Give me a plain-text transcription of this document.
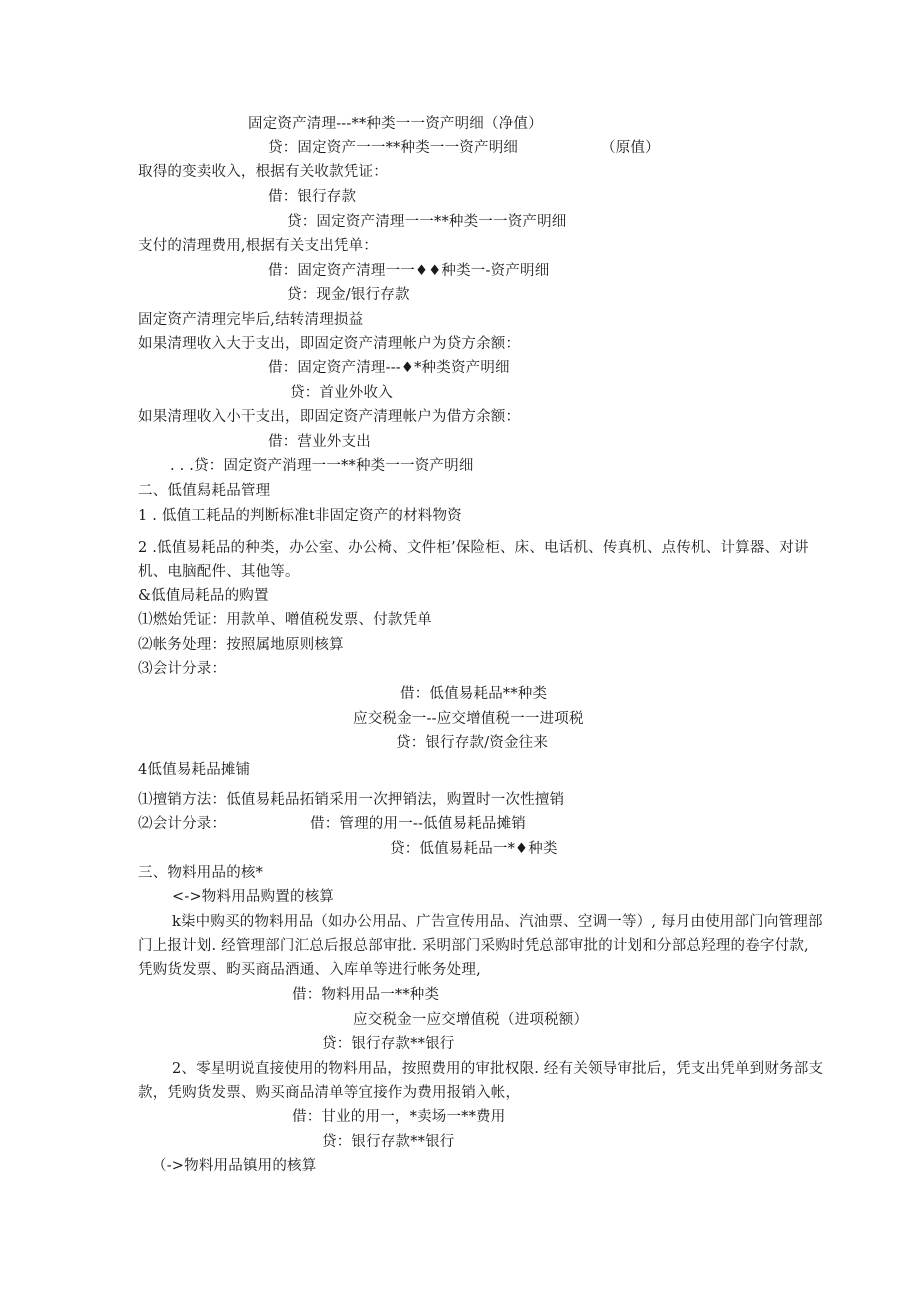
固定资产清理---**种类一一资产明细（净值）
贷：固定资产一一**种类一一资产明细	（原值）
取得的变卖收入，根据有关收款凭证：
借：银行存款
贷：固定资产清理一一**种类一一资产明细
支付的清理费用,根据有关支出凭单：
借：固定资产清理一一♦♦种类一-资产明细
贷：现金/银行存款
固定资产清理完毕后,结转清理损益
如果清理收入大于支出，即固定资产清理帐户为贷方余额：
借：固定资产清理---♦*种类资产明细
贷：首业外收入
如果清理收入小干支出，即固定资产清理帐户为借方余额：
借：营业外支出
. . .贷：固定资产消理一一**种类一一资产明细
二、低值舄耗品管理
1 . 低值工耗品的判断标准t非固定资产的材料物资
2 .低值易耗品的种类，办公室、办公椅、文件柜’保险柜、床、电话机、传真机、点传机、计算器、对讲机、电脑配件、其他等。
&低值局耗品的购置
⑴燃始凭证：用款单、噌值税发票、付款凭单
⑵帐务处理：按照属地原则核算
⑶会计分录：
借：低值易耗品**种类
应交税金一--应交增值税一一进项税
贷：银行存款/资金往来
4低值易耗品摊铺
⑴擅销方法：低值易耗品拓销采用一次押销法，购置时一次性擅销
⑵会计分录：	借：管理的用一--低值易耗品摊销
贷：低值易耗品一*♦种类
三、物料用品的核*
<->物料用品购置的核算
k柒中购买的物料用品（如办公用品、广告宣传用品、汽油票、空调一等）, 每月由使用部门向管理部门上报计划. 经管理部门汇总后报总部审批. 采明部门采购时凭总部审批的计划和分部总羟理的卷字付款, 凭购货发票、畇买商品酒通、入库单等进行帐务处理,
借：物料用品一**种类
应交税金一应交增值税（进项税额）
贷：银行存款**银行
2、零星明说直接使用的物料用品，按照费用的审批权限. 经有关领导审批后，凭支出凭单到财务部支款，凭购货发票、购买商品清单等宜接作为费用报销入帐，
借：甘业的用一，*卖场一**费用
贷：银行存款**银行
（->物料用品镇用的核算
